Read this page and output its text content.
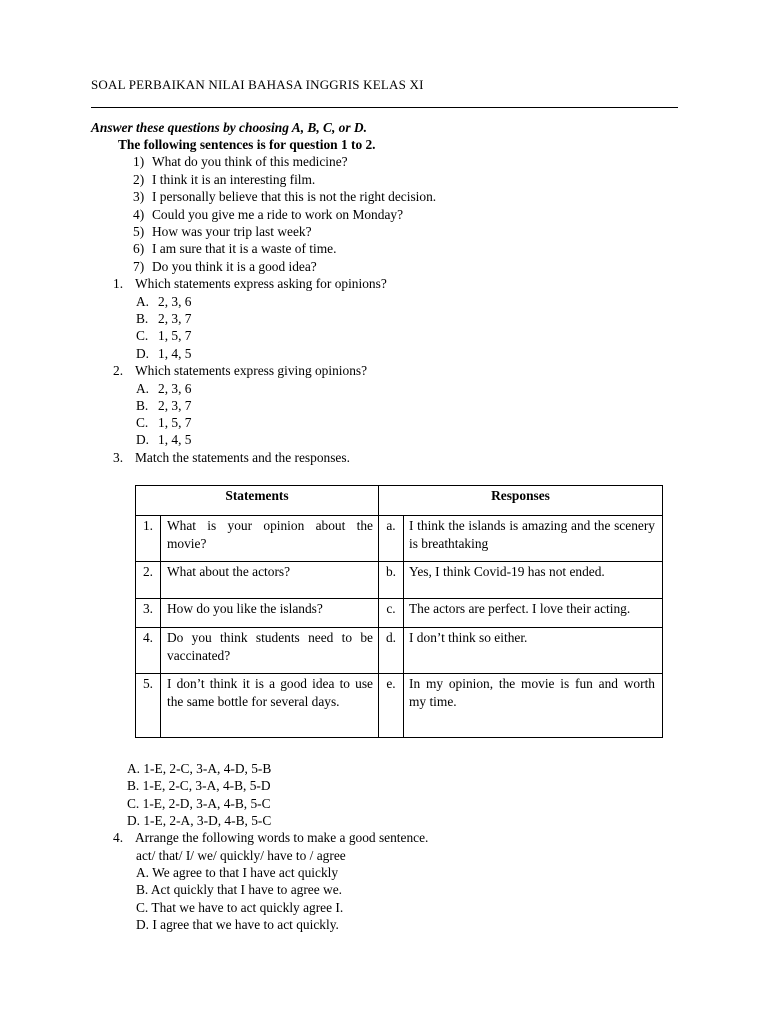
SOAL PERBAIKAN NILAI BAHASA INGGRIS KELAS XI
Answer these questions by choosing A, B, C, or D.
The following sentences is for question 1 to 2.
1) What do you think of this medicine?
2) I think it is an interesting film.
3) I personally believe that this is not the right decision.
4) Could you give me a ride to work on Monday?
5) How was your trip last week?
6) I am sure that it is a waste of time.
7) Do you think it is a good idea?
1. Which statements express asking for opinions?
A. 2, 3, 6
B. 2, 3, 7
C. 1, 5, 7
D. 1, 4, 5
2. Which statements express giving opinions?
A. 2, 3, 6
B. 2, 3, 7
C. 1, 5, 7
D. 1, 4, 5
3. Match the statements and the responses.
Statements		Responses	
1.	What is your opinion about the movie?	a.	I think the islands is amazing and the scenery is breathtaking
2.	What about the actors?	b.	Yes, I think Covid-19 has not ended.
3.	How do you like the islands?	c.	The actors are perfect. I love their acting.
4.	Do you think students need to be vaccinated?	d.	I don’t think so either.
5.	I don’t think it is a good idea to use the same bottle for several days.	e.	In my opinion, the movie is fun and worth my time.
A. 1-E, 2-C, 3-A, 4-D, 5-B
B. 1-E, 2-C, 3-A, 4-B, 5-D
C. 1-E, 2-D, 3-A, 4-B, 5-C
D. 1-E, 2-A, 3-D, 4-B, 5-C
4. Arrange the following words to make a good sentence.
act/ that/ I/ we/ quickly/ have to / agree
A. We agree to that I have act quickly
B. Act quickly that I have to agree we.
C. That we have to act quickly agree I.
D. I agree that we have to act quickly.
